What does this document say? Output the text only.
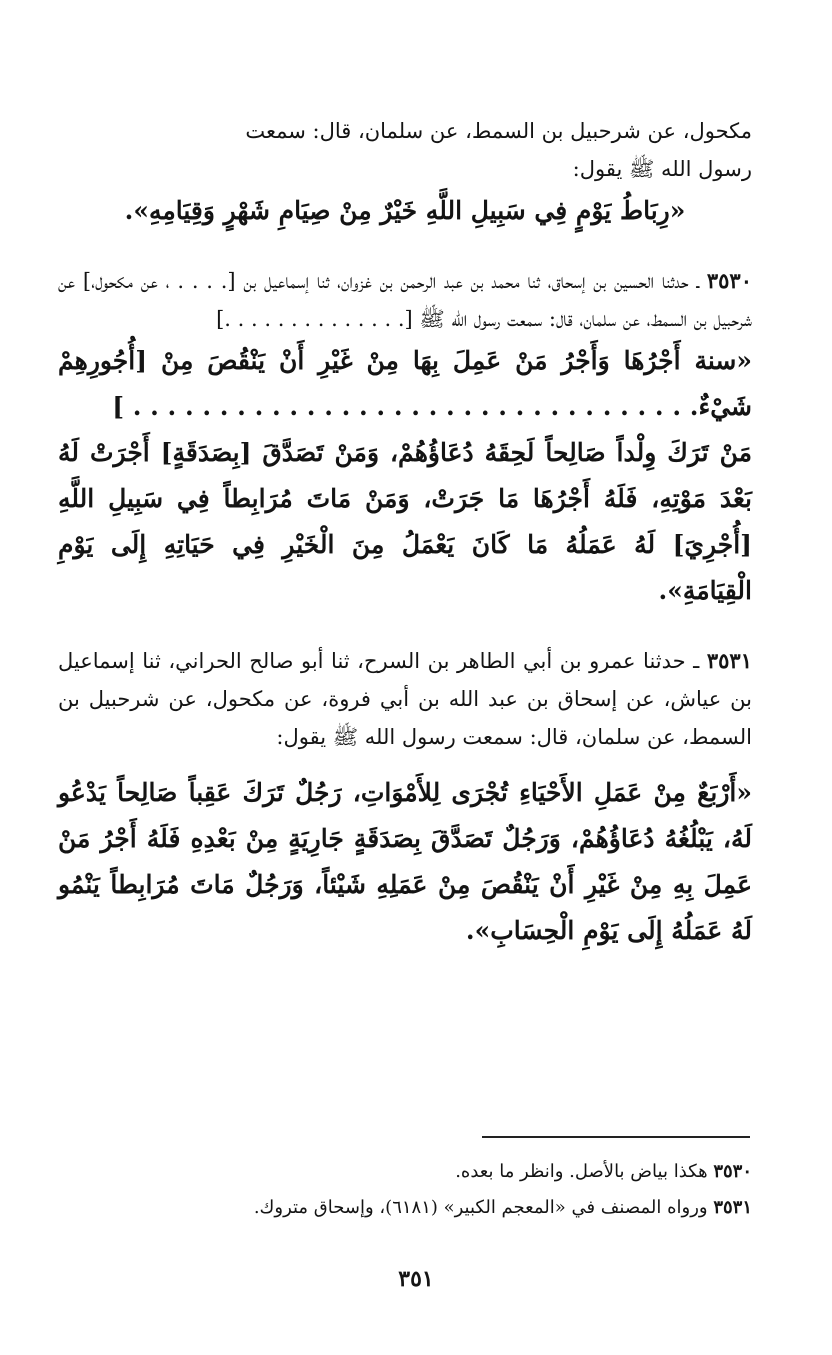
مكحول، عن شرحبيل بن السمط، عن سلمان، قال: سمعت

رسول الله ﷺ يقول:

«رِبَاطُ يَوْمٍ فِي سَبِيلِ اللَّهِ خَيْرٌ مِنْ صِيَامِ شَهْرٍ وَقِيَامِهِ».

٣٥٣٠ ـ حدثنا الحسين بن إسحاق، ثنا محمد بن عبد الرحمن بن غزوان، ثنا إسماعيل بن [. . . . ، عن مكحول،] عن شرحبيل بن السمط، عن سلمان، قال: سمعت رسول الله ﷺ [. . . . . . . . . . . . . .]

«سنة أَجْرُهَا وَأَجْرُ مَنْ عَمِلَ بِهَا مِنْ غَيْرِ أَنْ يَنْقُصَ مِنْ [أُجُورِهِمْ شَيْءٌ. . . . . . . . . . . . . . . . . . . . . . . . . . . . . . . . . ]

مَنْ تَرَكَ وِلْداً صَالِحاً لَحِقَهُ دُعَاؤُهُمْ، وَمَنْ تَصَدَّقَ [بِصَدَقَةٍ] أَجْرَتْ لَهُ بَعْدَ مَوْتِهِ، فَلَهُ أَجْرُهَا مَا جَرَتْ، وَمَنْ مَاتَ مُرَابِطاً فِي سَبِيلِ اللَّهِ [أُجْرِيَ] لَهُ عَمَلُهُ مَا كَانَ يَعْمَلُ مِنَ الْخَيْرِ فِي حَيَاتِهِ إِلَى يَوْمِ الْقِيَامَةِ».

٣٥٣١ ـ حدثنا عمرو بن أبي الطاهر بن السرح، ثنا أبو صالح الحراني، ثنا إسماعيل بن عياش، عن إسحاق بن عبد الله بن أبي فروة، عن مكحول، عن شرحبيل بن السمط، عن سلمان، قال: سمعت رسول الله ﷺ يقول:

«أَرْبَعٌ مِنْ عَمَلِ الأَحْيَاءِ تُجْرَى لِلأَمْوَاتِ، رَجُلٌ تَرَكَ عَقِباً صَالِحاً يَدْعُو لَهُ، يَبْلُغُهُ دُعَاؤُهُمْ، وَرَجُلٌ تَصَدَّقَ بِصَدَقَةٍ جَارِيَةٍ مِنْ بَعْدِهِ فَلَهُ أَجْرُ مَنْ عَمِلَ بِهِ مِنْ غَيْرِ أَنْ يَنْقُصَ مِنْ عَمَلِهِ شَيْئاً، وَرَجُلٌ مَاتَ مُرَابِطاً يَنْمُو لَهُ عَمَلُهُ إِلَى يَوْمِ الْحِسَابِ».

٣٥٣٠ هكذا بياض بالأصل. وانظر ما بعده.

٣٥٣١ ورواه المصنف في «المعجم الكبير» (٦١٨١)، وإسحاق متروك.

٣٥١
